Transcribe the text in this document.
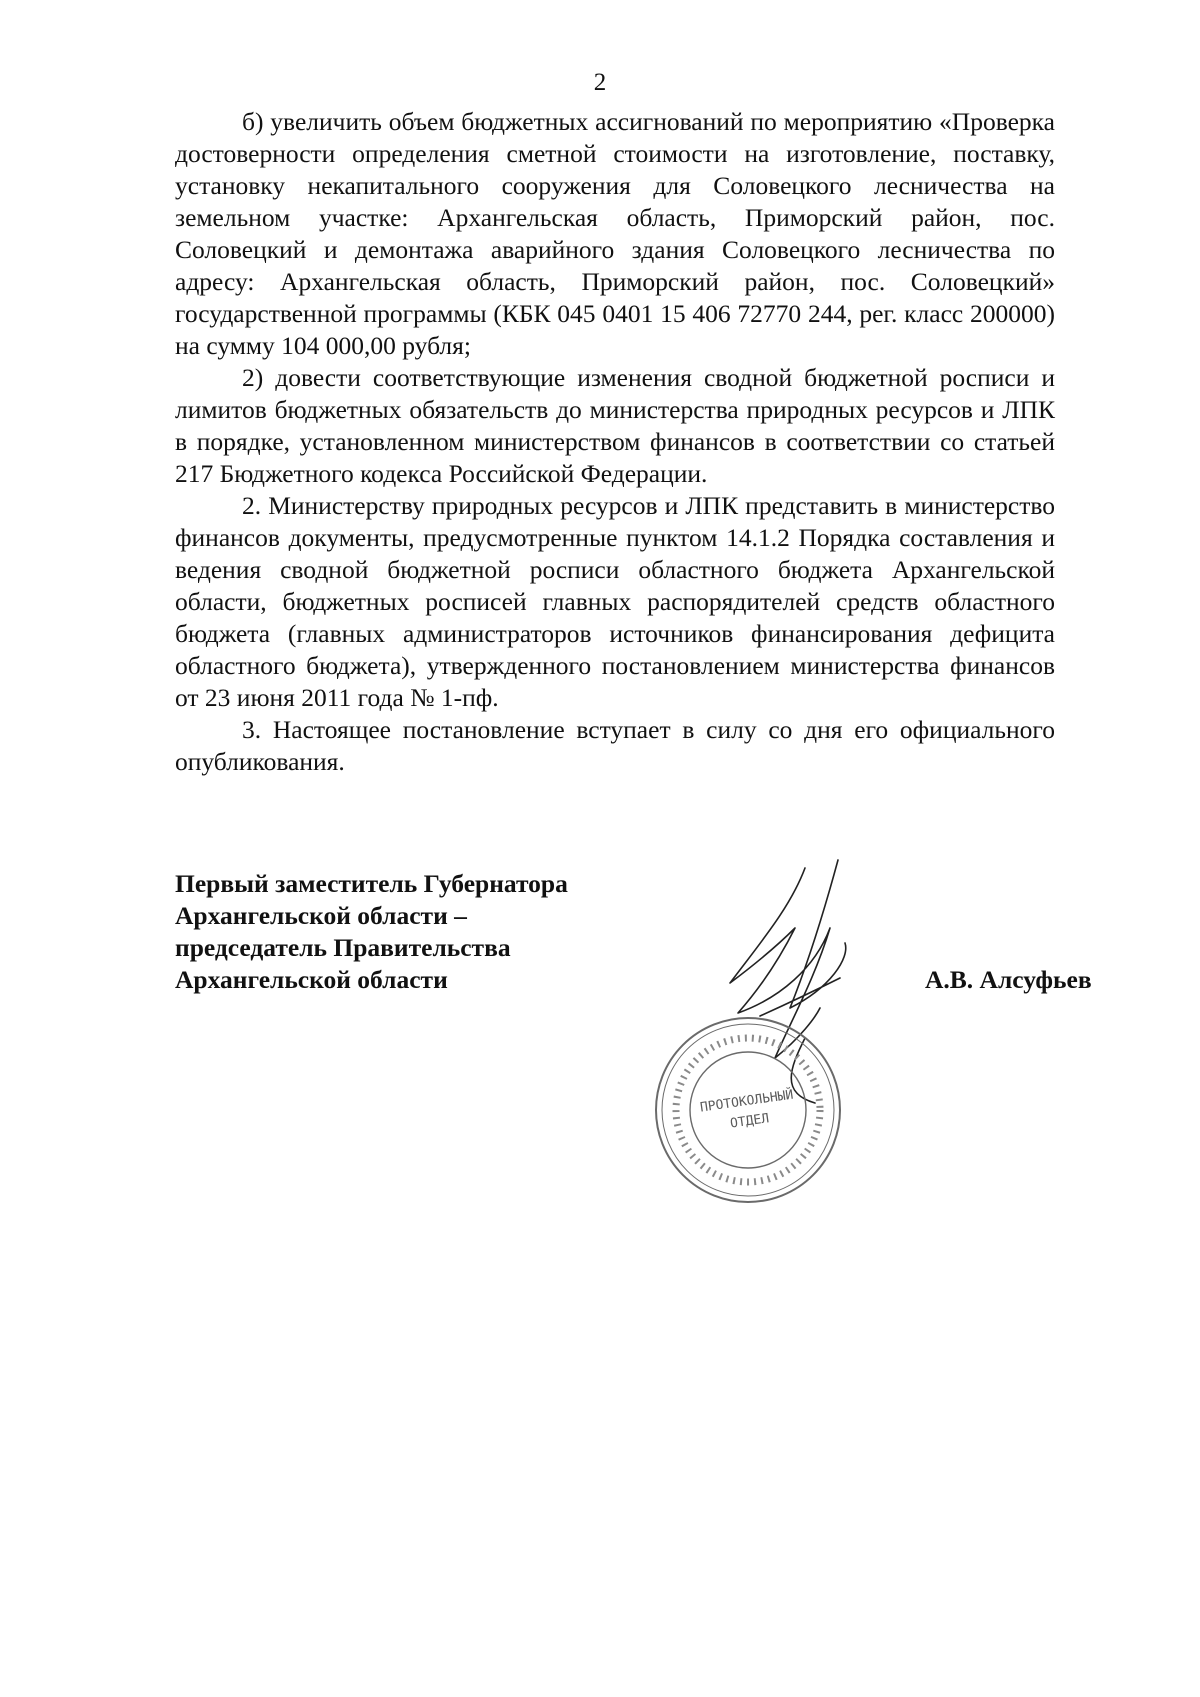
2

б) увеличить объем бюджетных ассигнований по мероприятию «Проверка достоверности определения сметной стоимости на изготовление, поставку, установку некапитального сооружения для Соловецкого лесничества на земельном участке: Архангельская область, Приморский район, пос. Соловецкий и демонтажа аварийного здания Соловецкого лесничества по адресу: Архангельская область, Приморский район, пос. Соловецкий» государственной программы (КБК 045 0401 15 406 72770 244, рег. класс 200000) на сумму 104 000,00 рубля;

2) довести соответствующие изменения сводной бюджетной росписи и лимитов бюджетных обязательств до министерства природных ресурсов и ЛПК в порядке, установленном министерством финансов в соответствии со статьей 217 Бюджетного кодекса Российской Федерации.

2. Министерству природных ресурсов и ЛПК представить в министерство финансов документы, предусмотренные пунктом 14.1.2 Порядка составления и ведения сводной бюджетной росписи областного бюджета Архангельской области, бюджетных росписей главных распорядителей средств областного бюджета (главных администраторов источников финансирования дефицита областного бюджета), утвержденного постановлением министерства финансов от 23 июня 2011 года № 1-пф.

3. Настоящее постановление вступает в силу со дня его официального опубликования.

Первый заместитель Губернатора
Архангельской области –
председатель Правительства
Архангельской области	А.В. Алсуфьев
ПРОТОКОЛЬНЫЙ
ОТДЕЛ
